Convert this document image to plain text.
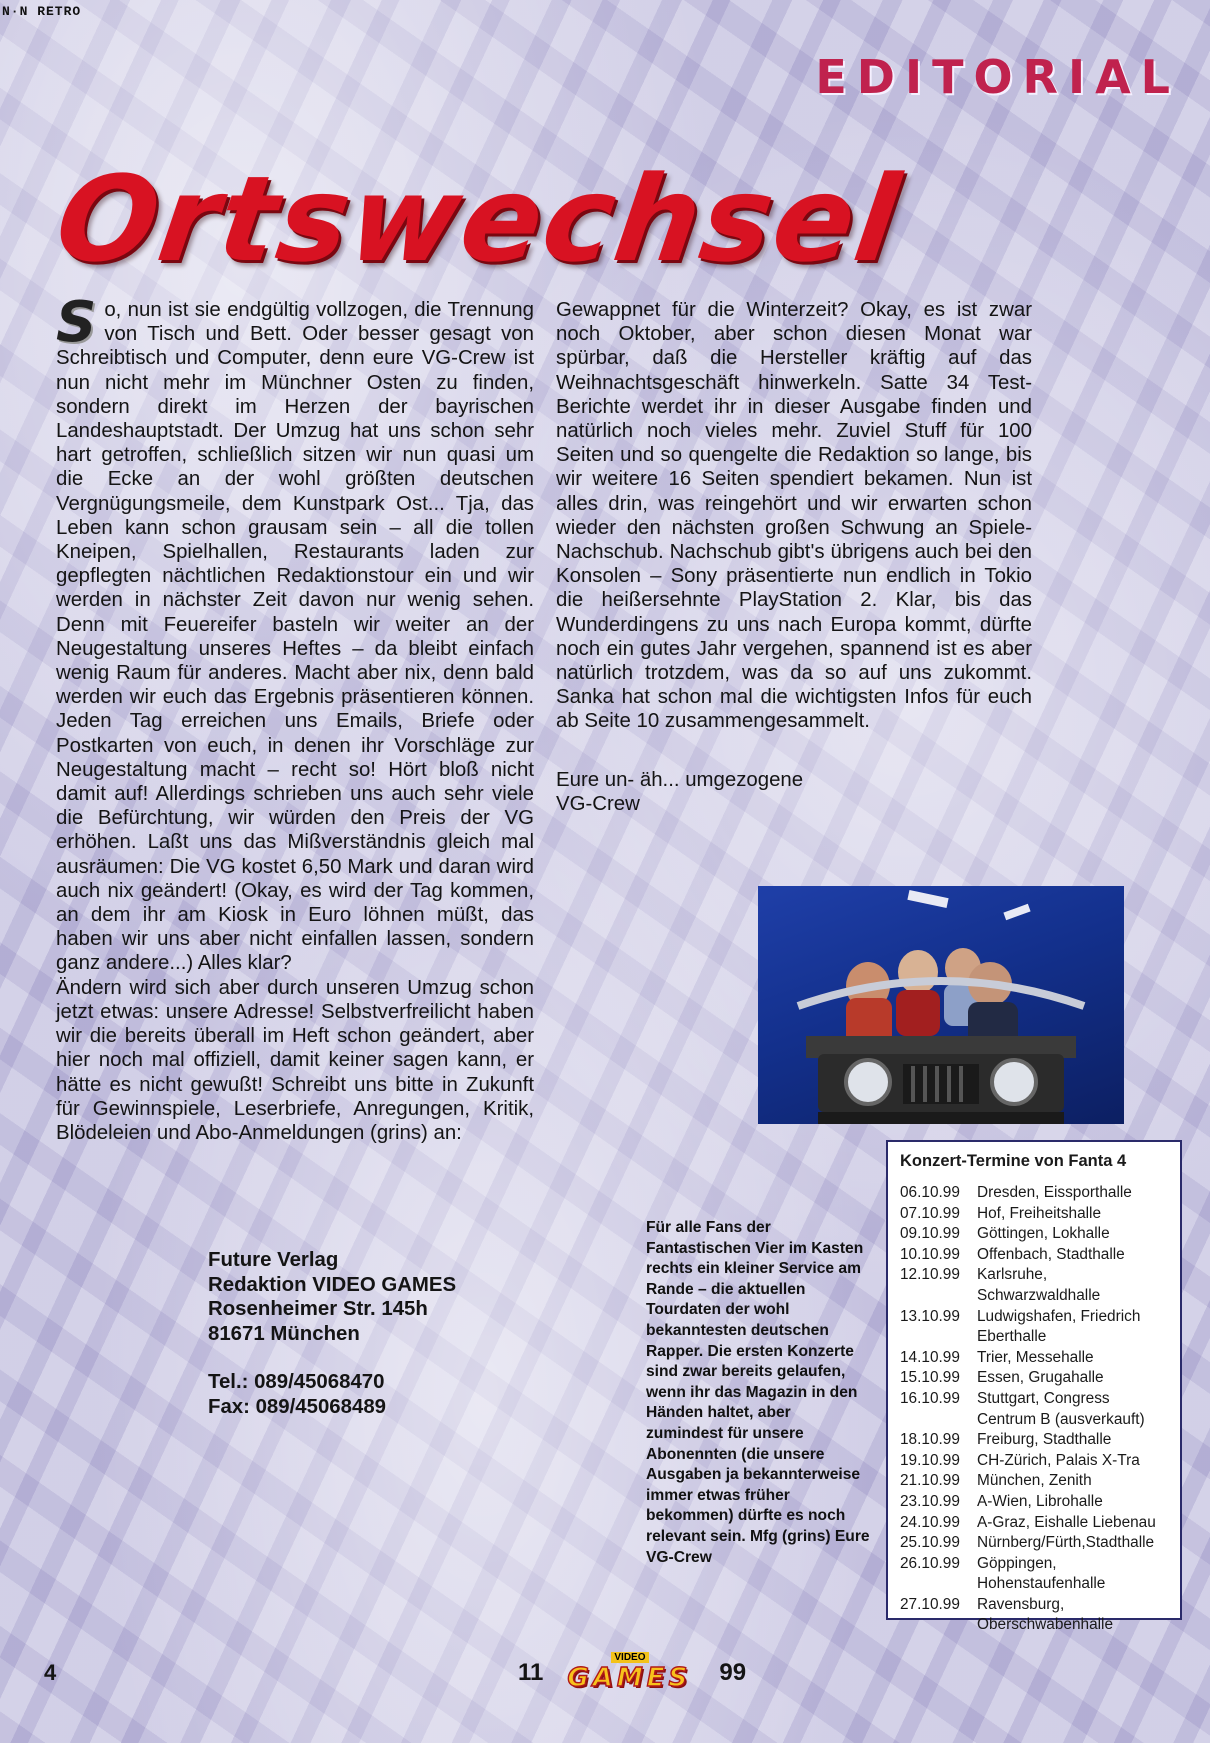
N·N RETRO
EDITORIAL
Ortswechsel
S o, nun ist sie endgültig vollzogen, die Trennung von Tisch und Bett. Oder besser gesagt von Schreibtisch und Computer, denn eure VG-Crew ist nun nicht mehr im Münchner Osten zu finden, sondern direkt im Herzen der bayrischen Landeshauptstadt. Der Umzug hat uns schon sehr hart getroffen, schließlich sitzen wir nun quasi um die Ecke an der wohl größten deutschen Vergnügungsmeile, dem Kunstpark Ost... Tja, das Leben kann schon grausam sein – all die tollen Kneipen, Spielhallen, Restaurants laden zur gepflegten nächtlichen Redaktionstour ein und wir werden in nächster Zeit davon nur wenig sehen. Denn mit Feuereifer basteln wir weiter an der Neugestaltung unseres Heftes – da bleibt einfach wenig Raum für anderes. Macht aber nix, denn bald werden wir euch das Ergebnis präsentieren können. Jeden Tag erreichen uns Emails, Briefe oder Postkarten von euch, in denen ihr Vorschläge zur Neugestaltung macht – recht so! Hört bloß nicht damit auf! Allerdings schrieben uns auch sehr viele die Befürchtung, wir würden den Preis der VG erhöhen. Laßt uns das Mißverständnis gleich mal ausräumen: Die VG kostet 6,50 Mark und daran wird auch nix geändert! (Okay, es wird der Tag kommen, an dem ihr am Kiosk in Euro löhnen müßt, das haben wir uns aber nicht einfallen lassen, sondern ganz andere...) Alles klar?

Ändern wird sich aber durch unseren Umzug schon jetzt etwas: unsere Adresse! Selbstverfreilicht haben wir die bereits überall im Heft schon geändert, aber hier noch mal offiziell, damit keiner sagen kann, er hätte es nicht gewußt! Schreibt uns bitte in Zukunft für Gewinnspiele, Leserbriefe, Anregungen, Kritik, Blödeleien und Abo-Anmeldungen (grins) an:

Future Verlag
Redaktion VIDEO GAMES
Rosenheimer Str. 145h
81671 München
Tel.: 089/45068470
Fax: 089/45068489

Gewappnet für die Winterzeit? Okay, es ist zwar noch Oktober, aber schon diesen Monat war spürbar, daß die Hersteller kräftig auf das Weihnachtsgeschäft hinwerkeln. Satte 34 Test-Berichte werdet ihr in dieser Ausgabe finden und natürlich noch vieles mehr. Zuviel Stuff für 100 Seiten und so quengelte die Redaktion so lange, bis wir weitere 16 Seiten spendiert bekamen. Nun ist alles drin, was reingehört und wir erwarten schon wieder den nächsten großen Schwung an Spiele-Nachschub. Nachschub gibt's übrigens auch bei den Konsolen – Sony präsentierte nun endlich in Tokio die heißersehnte PlayStation 2. Klar, bis das Wunderdingens zu uns nach Europa kommt, dürfte noch ein gutes Jahr vergehen, spannend ist es aber natürlich trotzdem, was da so auf uns zukommt. Sanka hat schon mal die wichtigsten Infos für euch ab Seite 10 zusammengesammelt.

Eure un- äh... umgezogene
VG-Crew
Für alle Fans der Fantastischen Vier im Kasten rechts ein kleiner Service am Rande – die aktuellen Tourdaten der wohl bekanntesten deutschen Rapper. Die ersten Konzerte sind zwar bereits gelaufen, wenn ihr das Magazin in den Händen haltet, aber zumindest für unsere Abonennten (die unsere Ausgaben ja bekannterweise immer etwas früher bekommen) dürfte es noch relevant sein. Mfg (grins) Eure VG-Crew
Konzert-Termine von Fanta 4
06.10.99	Dresden, Eissporthalle
07.10.99	Hof, Freiheitshalle
09.10.99	Göttingen, Lokhalle
10.10.99	Offenbach, Stadthalle
12.10.99	Karlsruhe, Schwarzwaldhalle
13.10.99	Ludwigshafen, Friedrich Eberthalle
14.10.99	Trier, Messehalle
15.10.99	Essen, Grugahalle
16.10.99	Stuttgart, Congress Centrum B (ausverkauft)
18.10.99	Freiburg, Stadthalle
19.10.99	CH-Zürich, Palais X-Tra
21.10.99	München, Zenith
23.10.99	A-Wien, Librohalle
24.10.99	A-Graz, Eishalle Liebenau
25.10.99	Nürnberg/Fürth,Stadthalle
26.10.99	Göppingen, Hohenstaufenhalle
27.10.99	Ravensburg, Oberschwabenhalle
4	11
VIDEO
GAMES 99
